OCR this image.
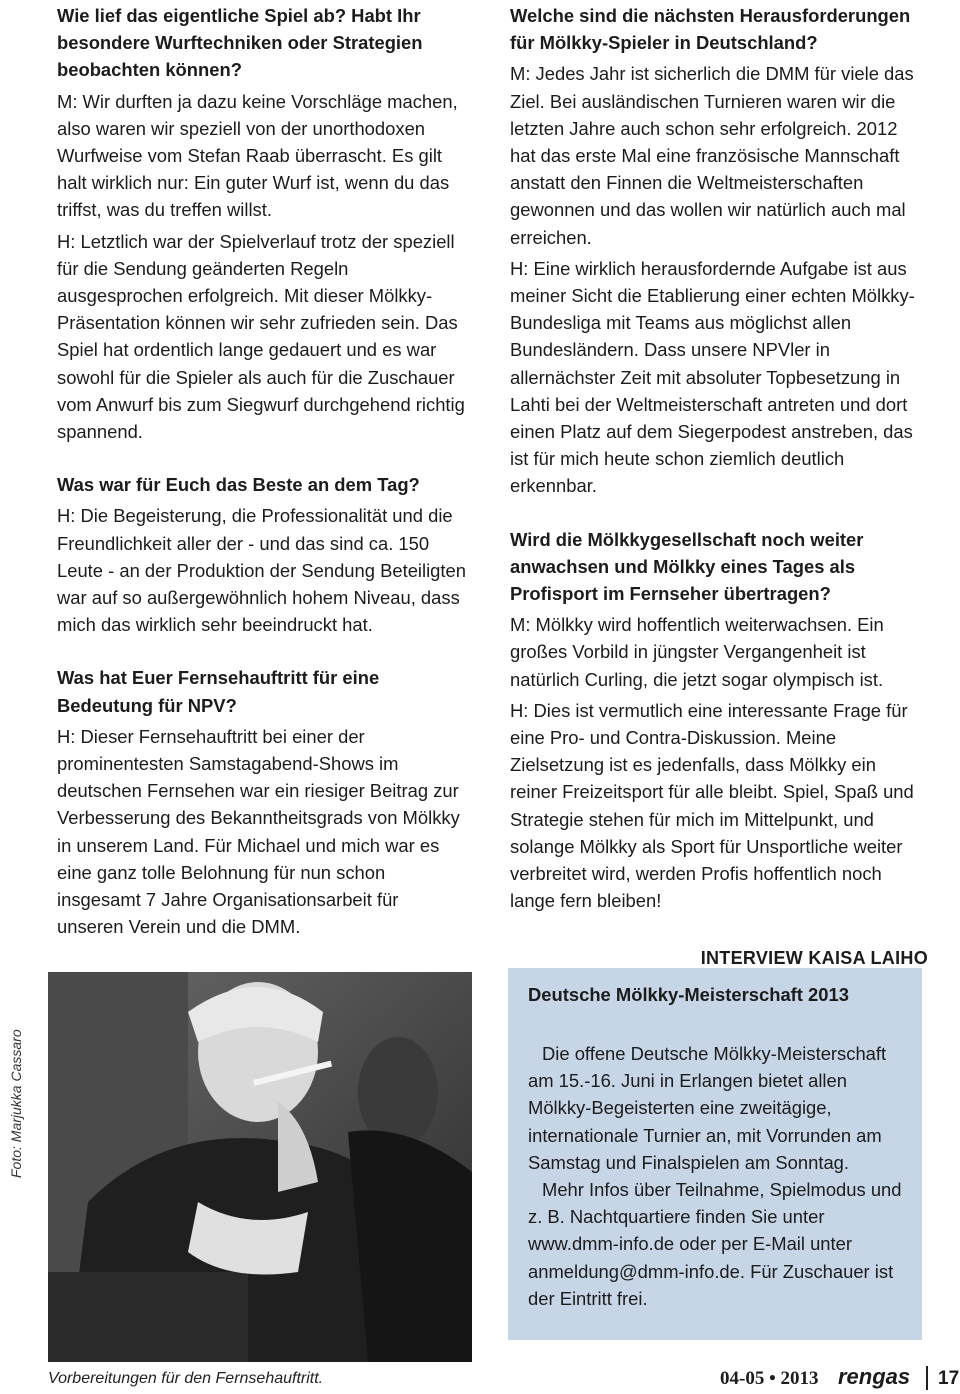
Wie lief das eigentliche Spiel ab? Habt Ihr besondere Wurftechniken oder Strategien beobachten können?

M: Wir durften ja dazu keine Vorschläge machen, also waren wir speziell von der unorthodoxen Wurfweise vom Stefan Raab überrascht. Es gilt halt wirklich nur: Ein guter Wurf ist, wenn du das triffst, was du treffen willst.

H: Letztlich war der Spielverlauf trotz der speziell für die Sendung geänderten Regeln ausgesprochen erfolgreich. Mit dieser Mölkky-Präsentation können wir sehr zufrieden sein. Das Spiel hat ordentlich lange gedauert und es war sowohl für die Spieler als auch für die Zuschauer vom Anwurf bis zum Siegwurf durchgehend richtig spannend.

Was war für Euch das Beste an dem Tag?

H: Die Begeisterung, die Professionalität und die Freundlichkeit aller der - und das sind ca. 150 Leute - an der Produktion der Sendung Beteiligten war auf so außergewöhnlich hohem Niveau, dass mich das wirklich sehr beeindruckt hat.

Was hat Euer Fernsehauftritt für eine Bedeutung für NPV?

H: Dieser Fernsehauftritt bei einer der prominentesten Samstagabend-Shows im deutschen Fernsehen war ein riesiger Beitrag zur Verbesserung des Bekanntheitsgrads von Mölkky in unserem Land. Für Michael und mich war es eine ganz tolle Belohnung für nun schon insgesamt 7 Jahre Organisationsarbeit für unseren Verein und die DMM.

Welche sind die nächsten Herausforderungen für Mölkky-Spieler in Deutschland?

M: Jedes Jahr ist sicherlich die DMM für viele das Ziel. Bei ausländischen Turnieren waren wir die letzten Jahre auch schon sehr erfolgreich. 2012 hat das erste Mal eine französische Mannschaft anstatt den Finnen die Weltmeisterschaften gewonnen und das wollen wir natürlich auch mal erreichen.

H: Eine wirklich herausfordernde Aufgabe ist aus meiner Sicht die Etablierung einer echten Mölkky-Bundesliga mit Teams aus möglichst allen Bundesländern. Dass unsere NPVler in allernächster Zeit mit absoluter Topbesetzung in Lahti bei der Weltmeisterschaft antreten und dort einen Platz auf dem Siegerpodest anstreben, das ist für mich heute schon ziemlich deutlich erkennbar.

Wird die Mölkkygesellschaft noch weiter anwachsen und Mölkky eines Tages als Profisport im Fernseher übertragen?

M: Mölkky wird hoffentlich weiterwachsen. Ein großes Vorbild in jüngster Vergangenheit ist natürlich Curling, die jetzt sogar olympisch ist.

H: Dies ist vermutlich eine interessante Frage für eine Pro- und Contra-Diskussion. Meine Zielsetzung ist es jedenfalls, dass Mölkky ein reiner Freizeitsport für alle bleibt. Spiel, Spaß und Strategie stehen für mich im Mittelpunkt, und solange Mölkky als Sport für Unsportliche weiter verbreitet wird, werden Profis hoffentlich noch lange fern bleiben!

INTERVIEW KAISA LAIHO

Foto: Marjukka Cassaro
Vorbereitungen für den Fernsehauftritt.
Deutsche Mölkky-Meisterschaft 2013

Die offene Deutsche Mölkky-Meisterschaft am 15.-16. Juni in Erlangen bietet allen Mölkky-Begeisterten eine zweitägige, internationale Turnier an, mit Vorrunden am Samstag und Finalspielen am Sonntag.

Mehr Infos über Teilnahme, Spielmodus und z. B. Nachtquartiere finden Sie unter www.dmm-info.de oder per E-Mail unter anmeldung@dmm-info.de. Für Zuschauer ist der Eintritt frei.

04-05 • 2013 rengas 17
